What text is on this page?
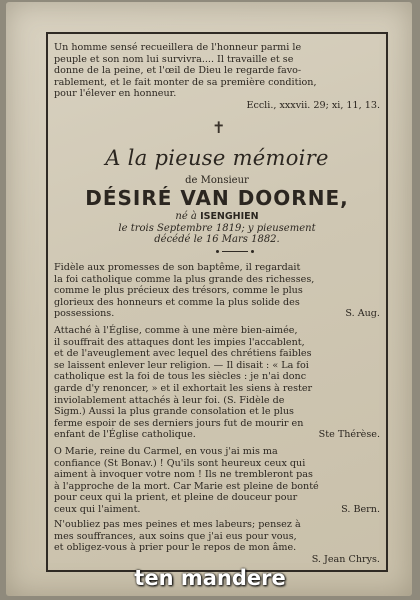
Un homme sensé recueillera de l'honneur parmi le
peuple et son nom lui survivra.... Il travaille et se
donne de la peine, et l'œil de Dieu le regarde favo-
rablement, et le fait monter de sa première condition,
pour l'élever en honneur.
Eccli., xxxvii. 29; xi, 11, 13.

✝
A la pieuse mémoire
de Monsieur
DÉSIRÉ VAN DOORNE,
né à ISENGHIEN
le trois Septembre 1819; y pieusement
décédé le 16 Mars 1882.

Fidèle aux promesses de son baptême, il regardait
la foi catholique comme la plus grande des richesses,
comme le plus précieux des trésors, comme le plus
glorieux des honneurs et comme la plus solide des
possessions.	S. Aug.

Attaché à l'Église, comme à une mère bien-aimée,
il souffrait des attaques dont les impies l'accablent,
et de l'aveuglement avec lequel des chrétiens faibles
se laissent enlever leur religion. — Il disait : « La foi
catholique est la foi de tous les siècles : je n'ai donc
garde d'y renoncer, » et il exhortait les siens à rester
inviolablement attachés à leur foi. (S. Fidèle de
Sigm.) Aussi la plus grande consolation et le plus
ferme espoir de ses derniers jours fut de mourir en
enfant de l'Église catholique.	Ste Thérèse.

O Marie, reine du Carmel, en vous j'ai mis ma
confiance (St Bonav.) ! Qu'ils sont heureux ceux qui
aiment à invoquer votre nom ! Ils ne trembleront pas
à l'approche de la mort. Car Marie est pleine de bonté
pour ceux qui la prient, et pleine de douceur pour
ceux qui l'aiment.	S. Bern.

N'oubliez pas mes peines et mes labeurs; pensez à
mes souffrances, aux soins que j'ai eus pour vous,
et obligez-vous à prier pour le repos de mon âme.
S. Jean Chrys.

ten mandere
